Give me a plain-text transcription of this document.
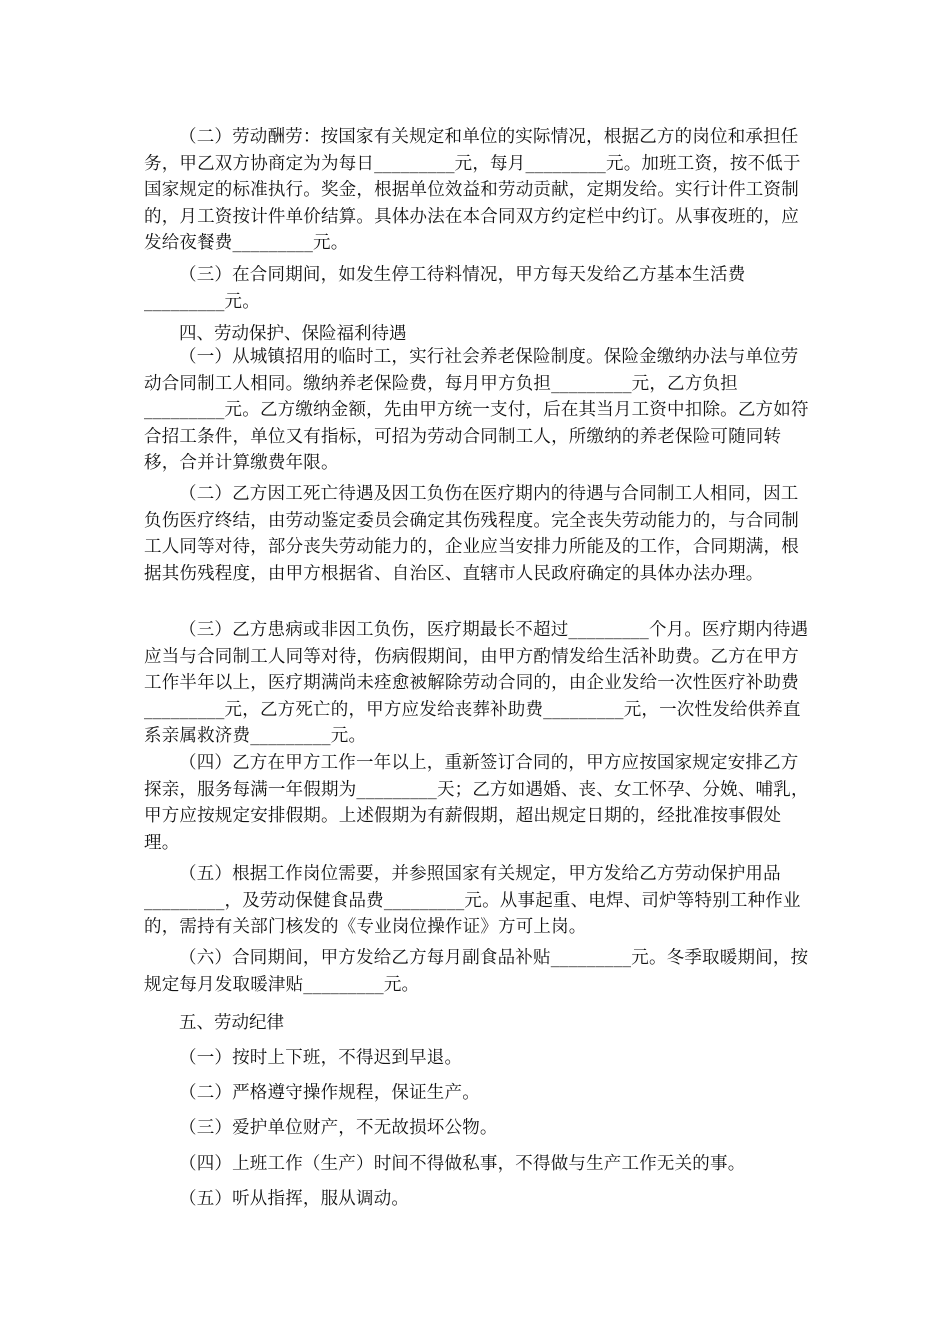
（二）劳动酬劳：按国家有关规定和单位的实际情况，根据乙方的岗位和承担任务，甲乙双方协商定为为每日_________元，每月_________元。加班工资，按不低于国家规定的标准执行。奖金，根据单位效益和劳动贡献，定期发给。实行计件工资制的，月工资按计件单价结算。具体办法在本合同双方约定栏中约订。从事夜班的，应发给夜餐费_________元。

（三）在合同期间，如发生停工待料情况，甲方每天发给乙方基本生活费_________元。

四、劳动保护、保险福利待遇

（一）从城镇招用的临时工，实行社会养老保险制度。保险金缴纳办法与单位劳动合同制工人相同。缴纳养老保险费，每月甲方负担_________元，乙方负担_________元。乙方缴纳金额，先由甲方统一支付，后在其当月工资中扣除。乙方如符合招工条件，单位又有指标，可招为劳动合同制工人，所缴纳的养老保险可随同转移，合并计算缴费年限。

（二）乙方因工死亡待遇及因工负伤在医疗期内的待遇与合同制工人相同，因工负伤医疗终结，由劳动鉴定委员会确定其伤残程度。完全丧失劳动能力的，与合同制工人同等对待，部分丧失劳动能力的，企业应当安排力所能及的工作，合同期满，根据其伤残程度，由甲方根据省、自治区、直辖市人民政府确定的具体办法办理。

（三）乙方患病或非因工负伤，医疗期最长不超过_________个月。医疗期内待遇应当与合同制工人同等对待，伤病假期间，由甲方酌情发给生活补助费。乙方在甲方工作半年以上，医疗期满尚未痊愈被解除劳动合同的，由企业发给一次性医疗补助费_________元，乙方死亡的，甲方应发给丧葬补助费_________元，一次性发给供养直系亲属救济费_________元。

（四）乙方在甲方工作一年以上，重新签订合同的，甲方应按国家规定安排乙方探亲，服务每满一年假期为_________天；乙方如遇婚、丧、女工怀孕、分娩、哺乳，甲方应按规定安排假期。上述假期为有薪假期，超出规定日期的，经批准按事假处理。

（五）根据工作岗位需要，并参照国家有关规定，甲方发给乙方劳动保护用品_________，及劳动保健食品费_________元。从事起重、电焊、司炉等特别工种作业的，需持有关部门核发的《专业岗位操作证》方可上岗。

（六）合同期间，甲方发给乙方每月副食品补贴_________元。冬季取暖期间，按规定每月发取暖津贴_________元。

五、劳动纪律

（一）按时上下班，不得迟到早退。

（二）严格遵守操作规程，保证生产。

（三）爱护单位财产，不无故损坏公物。

（四）上班工作（生产）时间不得做私事，不得做与生产工作无关的事。

（五）听从指挥，服从调动。
